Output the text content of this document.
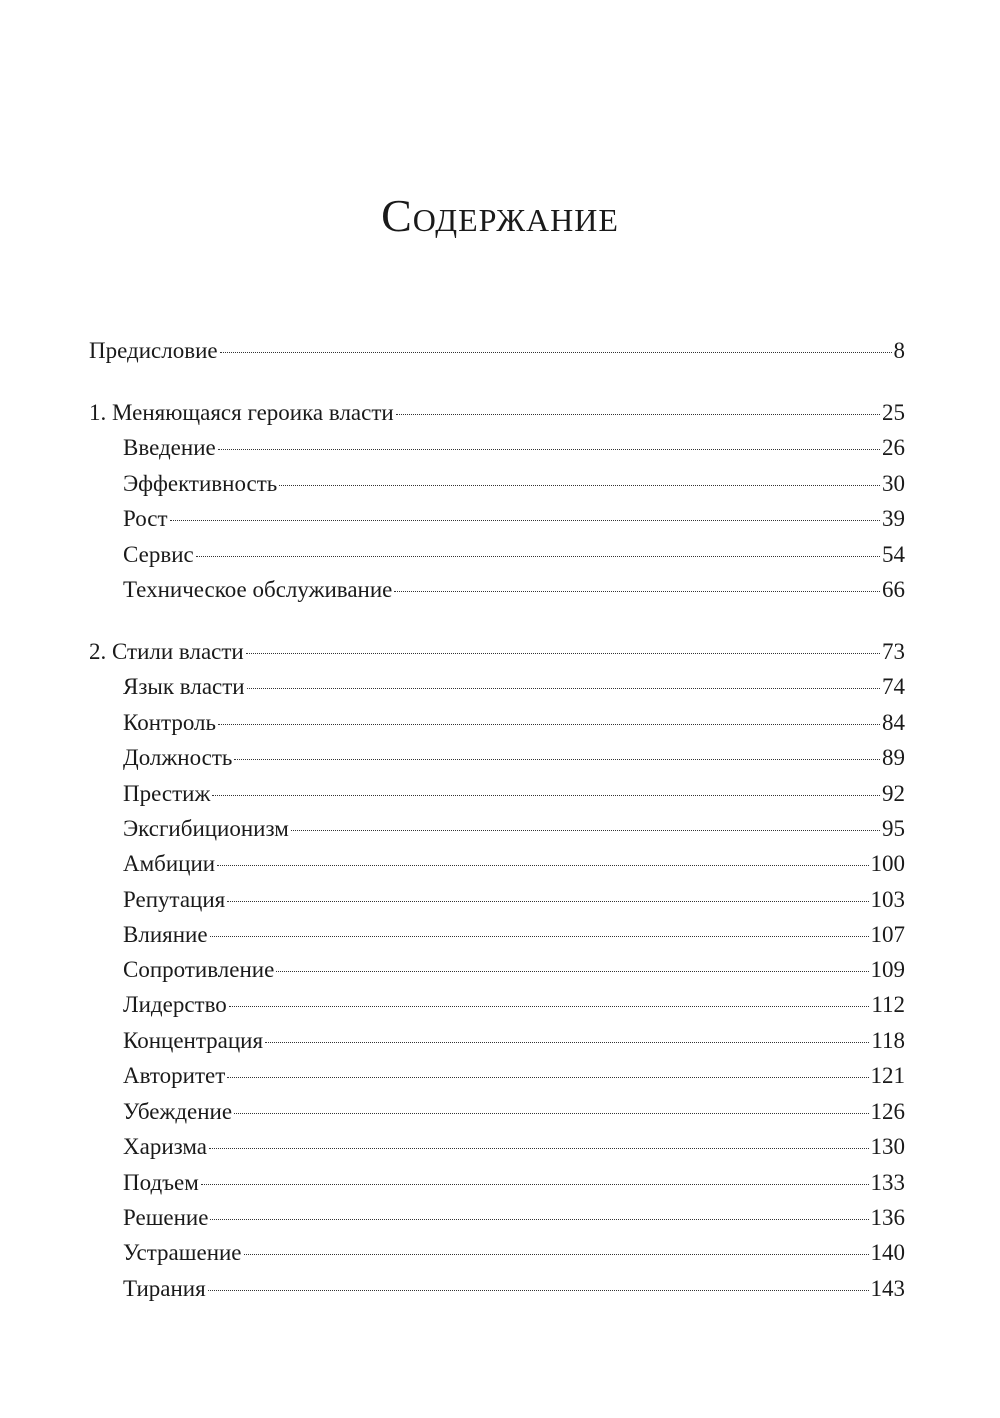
Содержание
Предисловие	8
1. Меняющаяся героика власти	25
Введение	26
Эффективность	30
Рост	39
Сервис	54
Техническое обслуживание	66
2. Стили власти	73
Язык власти	74
Контроль	84
Должность	89
Престиж	92
Эксгибиционизм	95
Амбиции	100
Репутация	103
Влияние	107
Сопротивление	109
Лидерство	112
Концентрация	118
Авторитет	121
Убеждение	126
Харизма	130
Подъем	133
Решение	136
Устрашение	140
Тирания	143
